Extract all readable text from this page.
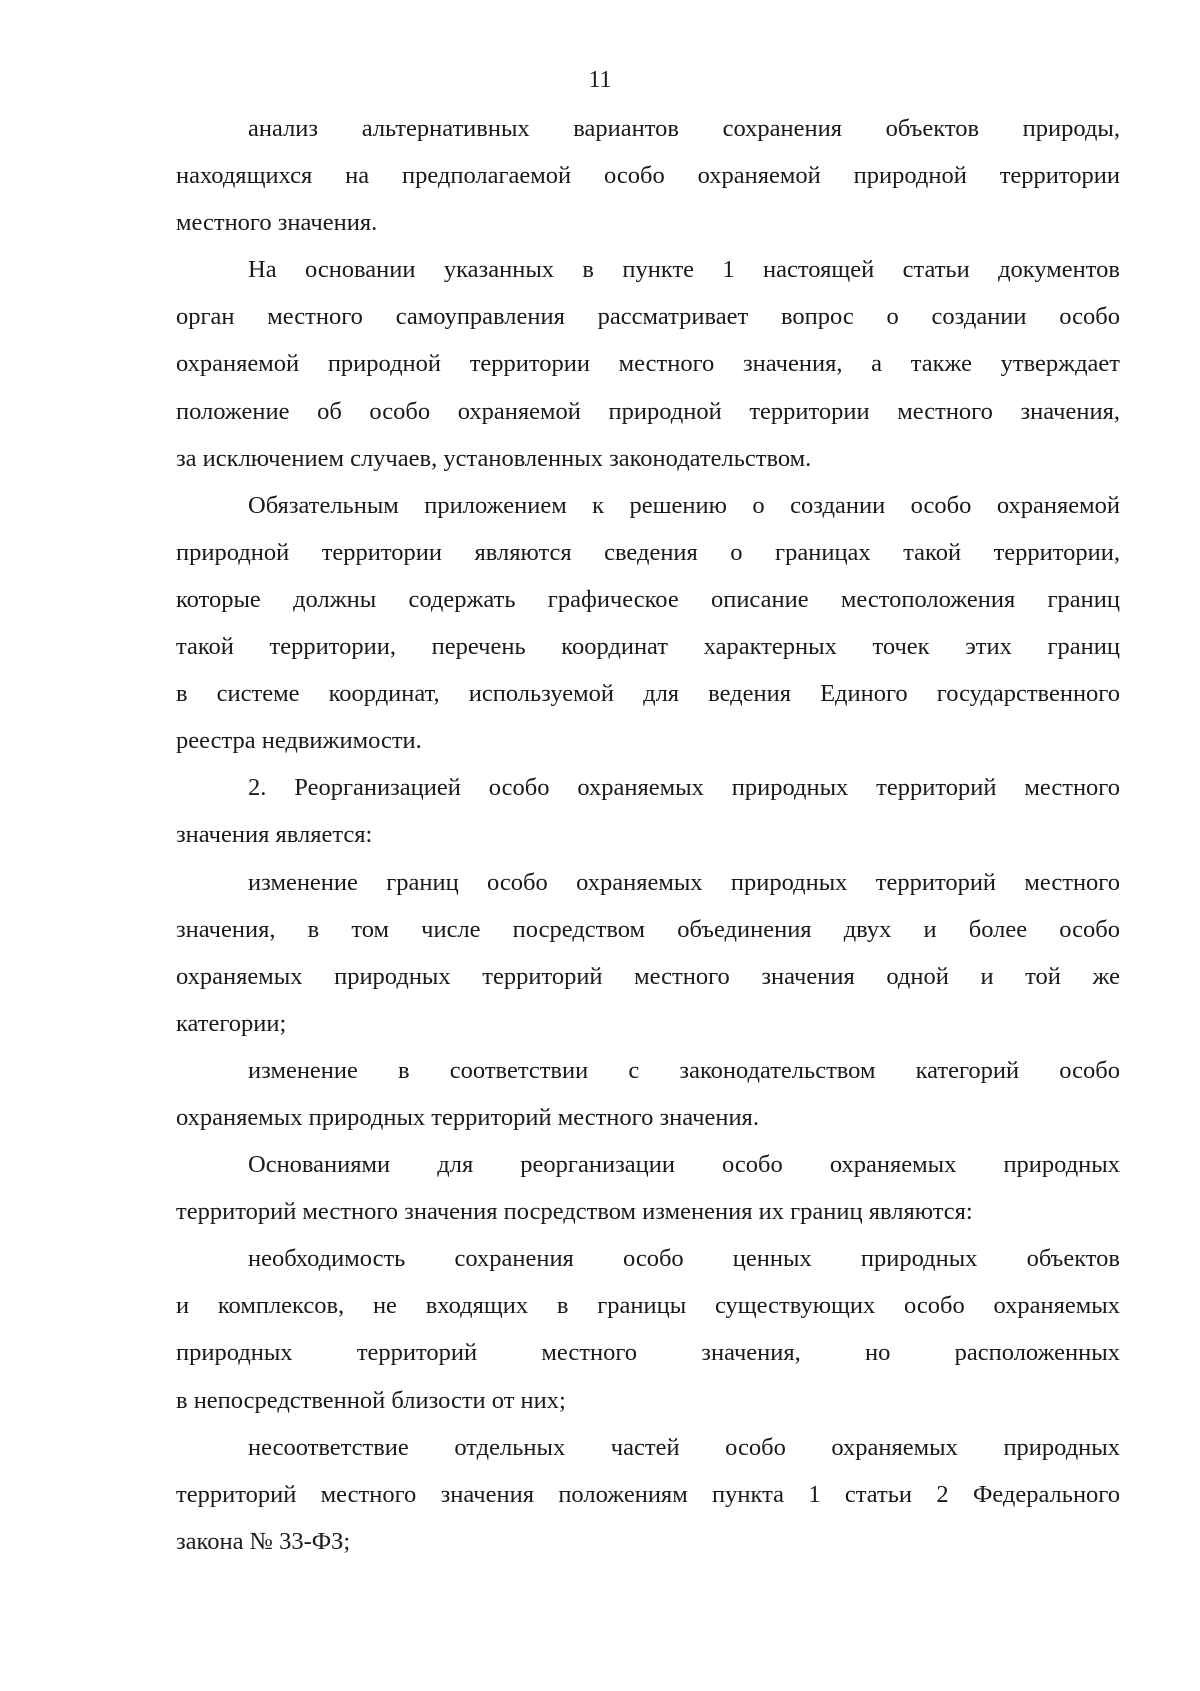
11
анализ альтернативных вариантов сохранения объектов природы,
находящихся на предполагаемой особо охраняемой природной территории
местного значения.
На основании указанных в пункте 1 настоящей статьи документов
орган местного самоуправления рассматривает вопрос о создании особо
охраняемой природной территории местного значения, а также утверждает
положение об особо охраняемой природной территории местного значения,
за исключением случаев, установленных законодательством.
Обязательным приложением к решению о создании особо охраняемой
природной территории являются сведения о границах такой территории,
которые должны содержать графическое описание местоположения границ
такой территории, перечень координат характерных точек этих границ
в системе координат, используемой для ведения Единого государственного
реестра недвижимости.
2. Реорганизацией особо охраняемых природных территорий местного
значения является:
изменение границ особо охраняемых природных территорий местного
значения, в том числе посредством объединения двух и более особо
охраняемых природных территорий местного значения одной и той же
категории;
изменение в соответствии с законодательством категорий особо
охраняемых природных территорий местного значения.
Основаниями для реорганизации особо охраняемых природных
территорий местного значения посредством изменения их границ являются:
необходимость сохранения особо ценных природных объектов
и комплексов, не входящих в границы существующих особо охраняемых
природных территорий местного значения, но расположенных
в непосредственной близости от них;
несоответствие отдельных частей особо охраняемых природных
территорий местного значения положениям пункта 1 статьи 2 Федерального
закона № 33-ФЗ;
